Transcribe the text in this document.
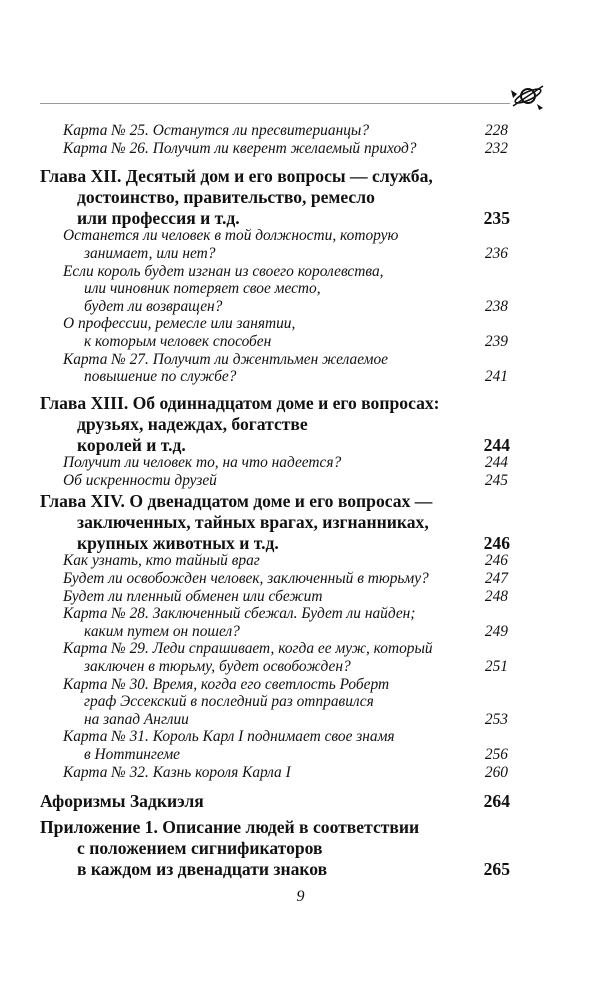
Карта № 25. Останутся ли пресвитерианцы?	228
Карта № 26. Получит ли кверент желаемый приход?	232
Глава XII. Десятый дом и его вопросы — служба,
достоинство, правительство, ремесло
или профессия и т.д.	235
Останется ли человек в той должности, которую
занимает, или нет?	236
Если король будет изгнан из своего королевства,
или чиновник потеряет свое место,
будет ли возвращен?	238
О профессии, ремесле или занятии,
к которым человек способен	239
Карта № 27. Получит ли джентльмен желаемое
повышение по службе?	241
Глава XIII. Об одиннадцатом доме и его вопросах:
друзьях, надеждах, богатстве
королей и т.д.	244
Получит ли человек то, на что надеется?	244
Об искренности друзей	245
Глава XIV. О двенадцатом доме и его вопросах —
заключенных, тайных врагах, изгнанниках,
крупных животных и т.д.	246
Как узнать, кто тайный враг	246
Будет ли освобожден человек, заключенный в тюрьму?	247
Будет ли пленный обменен или сбежит	248
Карта № 28. Заключенный сбежал. Будет ли найден;
каким путем он пошел?	249
Карта № 29. Леди спрашивает, когда ее муж, который
заключен в тюрьму, будет освобожден?	251
Карта № 30. Время, когда его светлость Роберт
граф Эссекский в последний раз отправился
на запад Англии	253
Карта № 31. Король Карл I поднимает свое знамя
в Ноттингеме	256
Карта № 32. Казнь короля Карла I	260
Афоризмы Задкиэля	264
Приложение 1. Описание людей в соответствии
с положением сигнификаторов
в каждом из двенадцати знаков	265
9
